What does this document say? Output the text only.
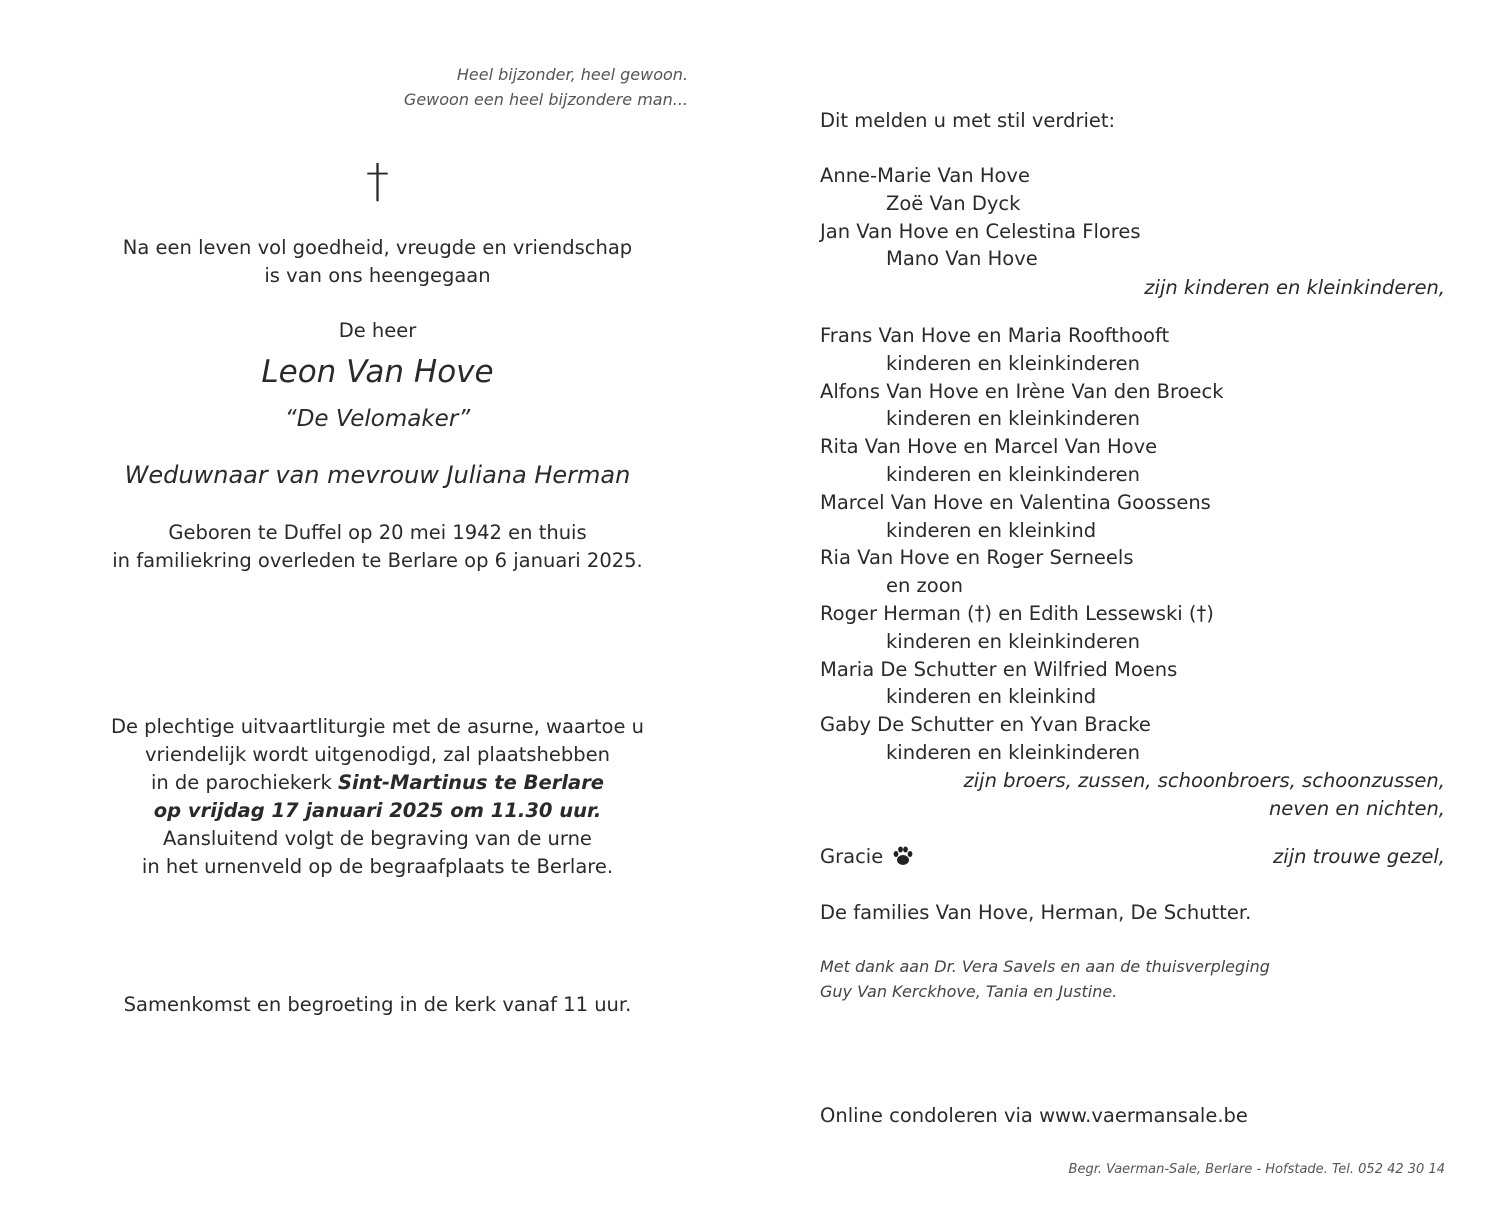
Heel bijzonder, heel gewoon.
Gewoon een heel bijzondere man...
†
Na een leven vol goedheid, vreugde en vriendschap
is van ons heengegaan
De heer
Leon Van Hove
“De Velomaker”
Weduwnaar van mevrouw Juliana Herman
Geboren te Duffel op 20 mei 1942 en thuis
in familiekring overleden te Berlare op 6 januari 2025.
De plechtige uitvaartliturgie met de asurne, waartoe u
vriendelijk wordt uitgenodigd, zal plaatshebben
in de parochiekerk Sint-Martinus te Berlare
op vrijdag 17 januari 2025 om 11.30 uur.
Aansluitend volgt de begraving van de urne
in het urnenveld op de begraafplaats te Berlare.
Samenkomst en begroeting in de kerk vanaf 11 uur.
Dit melden u met stil verdriet:
Anne-Marie Van Hove
Zoë Van Dyck
Jan Van Hove en Celestina Flores
Mano Van Hove
zijn kinderen en kleinkinderen,
Frans Van Hove en Maria Roofthooft
kinderen en kleinkinderen
Alfons Van Hove en Irène Van den Broeck
kinderen en kleinkinderen
Rita Van Hove en Marcel Van Hove
kinderen en kleinkinderen
Marcel Van Hove en Valentina Goossens
kinderen en kleinkind
Ria Van Hove en Roger Serneels
en zoon
Roger Herman (†) en Edith Lessewski (†)
kinderen en kleinkinderen
Maria De Schutter en Wilfried Moens
kinderen en kleinkind
Gaby De Schutter en Yvan Bracke
kinderen en kleinkinderen
zijn broers, zussen, schoonbroers, schoonzussen,
neven en nichten,
Gracie	zijn trouwe gezel,
De families Van Hove, Herman, De Schutter.
Met dank aan Dr. Vera Savels en aan de thuisverpleging
Guy Van Kerckhove, Tania en Justine.
Online condoleren via www.vaermansale.be
Begr. Vaerman-Sale, Berlare - Hofstade. Tel. 052 42 30 14
